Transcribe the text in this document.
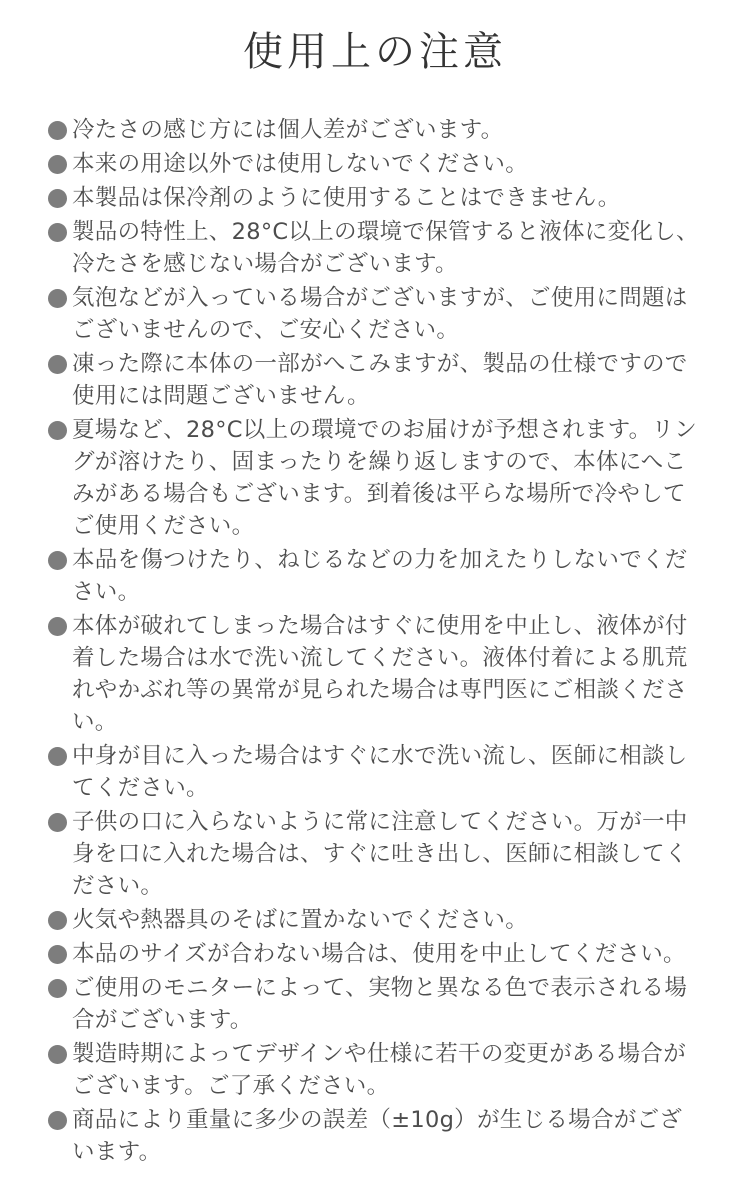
使用上の注意
冷たさの感じ方には個人差がございます。
本来の用途以外では使用しないでください。
本製品は保冷剤のように使用することはできません。
製品の特性上、28°C以上の環境で保管すると液体に変化し、冷たさを感じない場合がございます。
気泡などが入っている場合がございますが、ご使用に問題はございませんので、ご安心ください。
凍った際に本体の一部がへこみますが、製品の仕様ですので使用には問題ございません。
夏場など、28°C以上の環境でのお届けが予想されます。リングが溶けたり、固まったりを繰り返しますので、本体にへこみがある場合もございます。到着後は平らな場所で冷やしてご使用ください。
本品を傷つけたり、ねじるなどの力を加えたりしないでください。
本体が破れてしまった場合はすぐに使用を中止し、液体が付着した場合は水で洗い流してください。液体付着による肌荒れやかぶれ等の異常が見られた場合は専門医にご相談ください。
中身が目に入った場合はすぐに水で洗い流し、医師に相談してください。
子供の口に入らないように常に注意してください。万が一中身を口に入れた場合は、すぐに吐き出し、医師に相談してください。
火気や熱器具のそばに置かないでください。
本品のサイズが合わない場合は、使用を中止してください。
ご使用のモニターによって、実物と異なる色で表示される場合がございます。
製造時期によってデザインや仕様に若干の変更がある場合がございます。ご了承ください。
商品により重量に多少の誤差（±10g）が生じる場合がございます。
